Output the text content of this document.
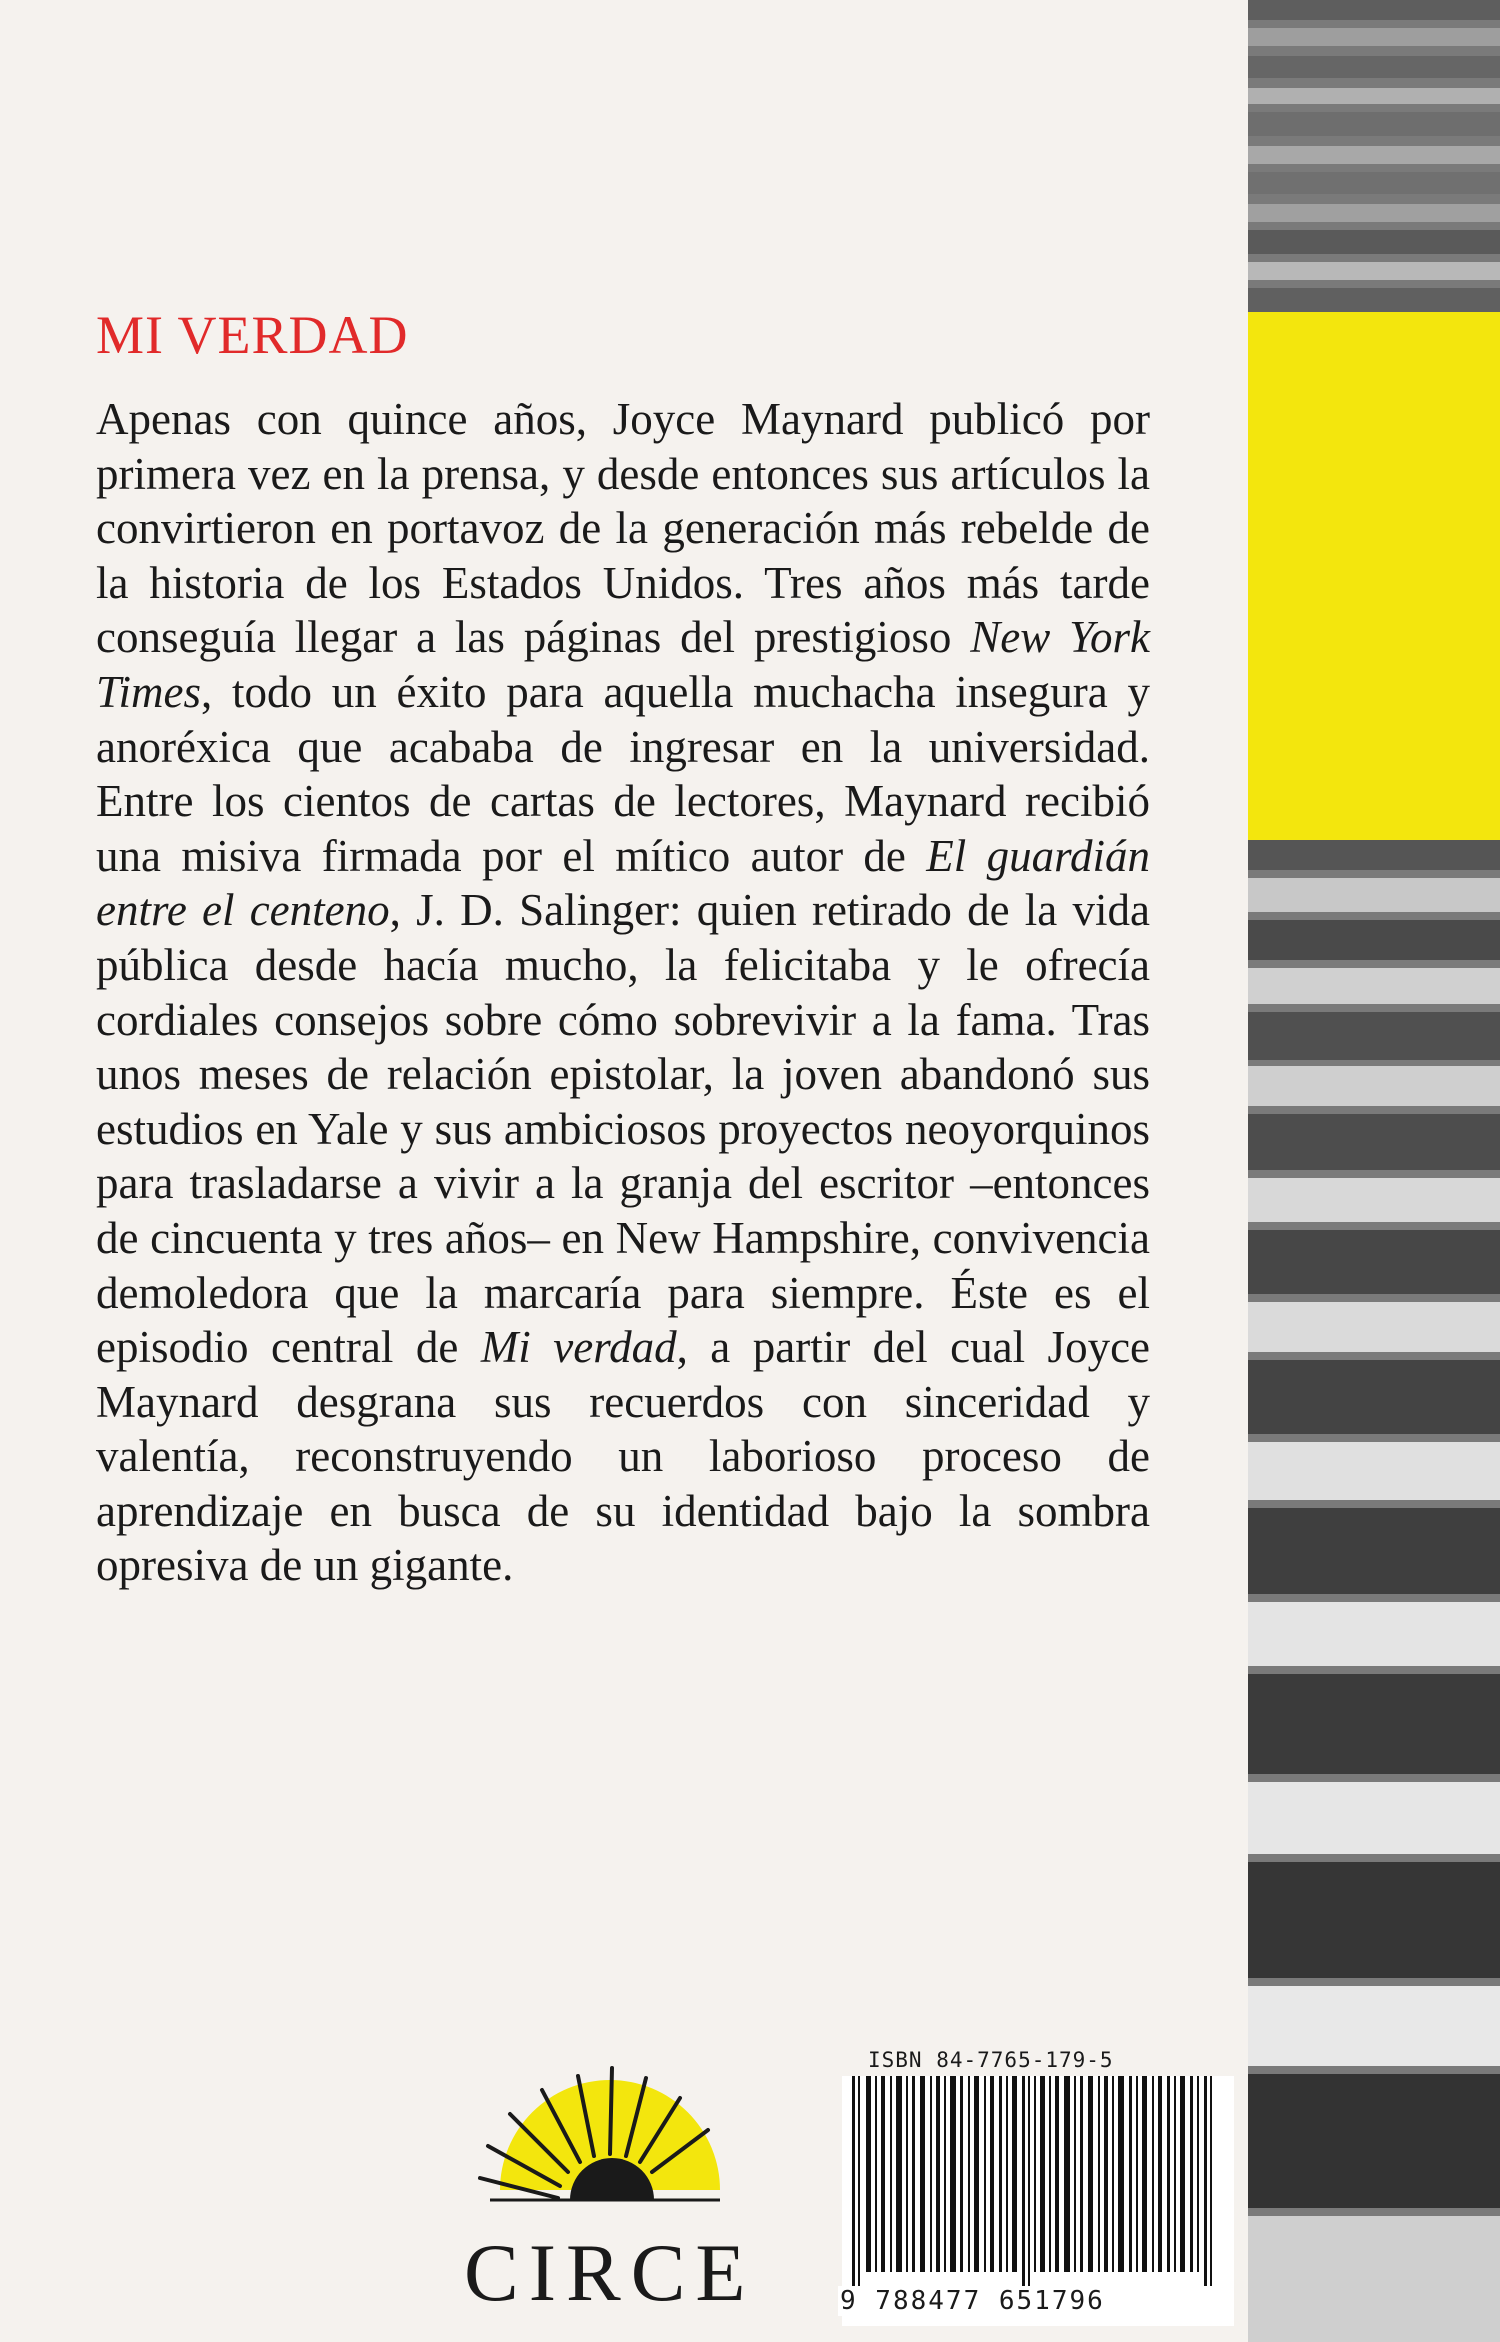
MI VERDAD

Apenas con quince años, Joyce Maynard publicó por primera vez en la prensa, y desde entonces sus artículos la convirtieron en portavoz de la generación más rebelde de la historia de los Estados Unidos. Tres años más tarde conseguía llegar a las páginas del prestigioso New York Times, todo un éxito para aquella muchacha insegura y anoréxica que acababa de ingresar en la universidad. Entre los cientos de cartas de lectores, Maynard recibió una misiva firmada por el mítico autor de El guardián entre el centeno, J. D. Salinger: quien retirado de la vida pública desde hacía mucho, la felicitaba y le ofrecía cordiales consejos sobre cómo sobrevivir a la fama. Tras unos meses de relación epistolar, la joven abandonó sus estudios en Yale y sus ambiciosos proyectos neoyorquinos para trasladarse a vivir a la granja del escritor –entonces de cincuenta y tres años– en New Hampshire, convivencia demoledora que la marcaría para siempre. Éste es el episodio central de Mi verdad, a partir del cual Joyce Maynard desgrana sus recuerdos con sinceridad y valentía, reconstruyendo un laborioso proceso de aprendizaje en busca de su identidad bajo la sombra opresiva de un gigante.

CIRCE
ISBN 84-7765-179-5
9 788477 651796
